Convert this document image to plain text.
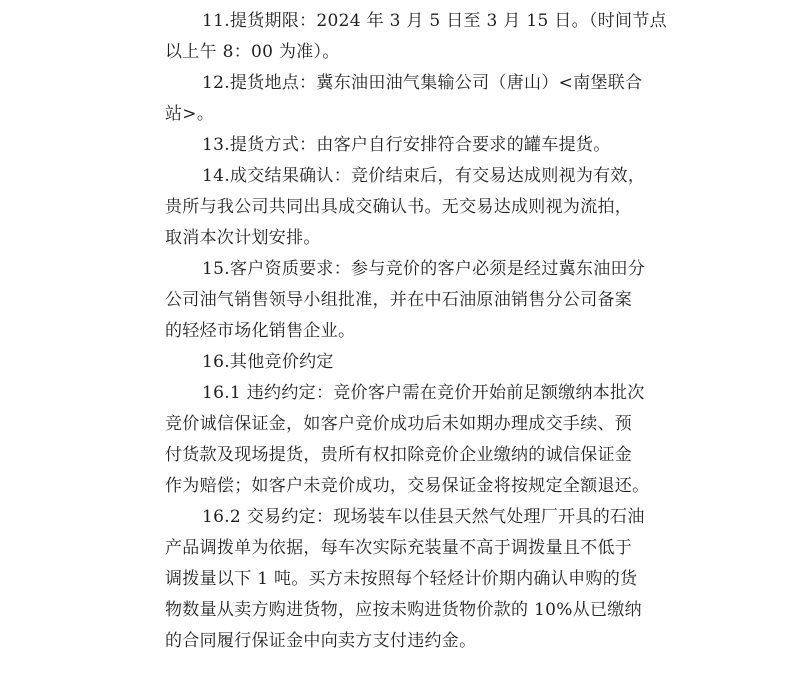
11.提货期限：2024 年 3 月 5 日至 3 月 15 日。（时间节点
以上午 8：00 为准）。
12.提货地点：冀东油田油气集输公司（唐山）<南堡联合
站>。
13.提货方式：由客户自行安排符合要求的罐车提货。
14.成交结果确认：竞价结束后，有交易达成则视为有效，
贵所与我公司共同出具成交确认书。无交易达成则视为流拍，
取消本次计划安排。
15.客户资质要求：参与竞价的客户必须是经过冀东油田分
公司油气销售领导小组批准，并在中石油原油销售分公司备案
的轻烃市场化销售企业。
16.其他竞价约定
16.1 违约约定：竞价客户需在竞价开始前足额缴纳本批次
竞价诚信保证金，如客户竞价成功后未如期办理成交手续、预
付货款及现场提货，贵所有权扣除竞价企业缴纳的诚信保证金
作为赔偿；如客户未竞价成功，交易保证金将按规定全额退还。
16.2 交易约定：现场装车以佳县天然气处理厂开具的石油
产品调拨单为依据，每车次实际充装量不高于调拨量且不低于
调拨量以下 1 吨。买方未按照每个轻烃计价期内确认申购的货
物数量从卖方购进货物，应按未购进货物价款的 10%从已缴纳
的合同履行保证金中向卖方支付违约金。
